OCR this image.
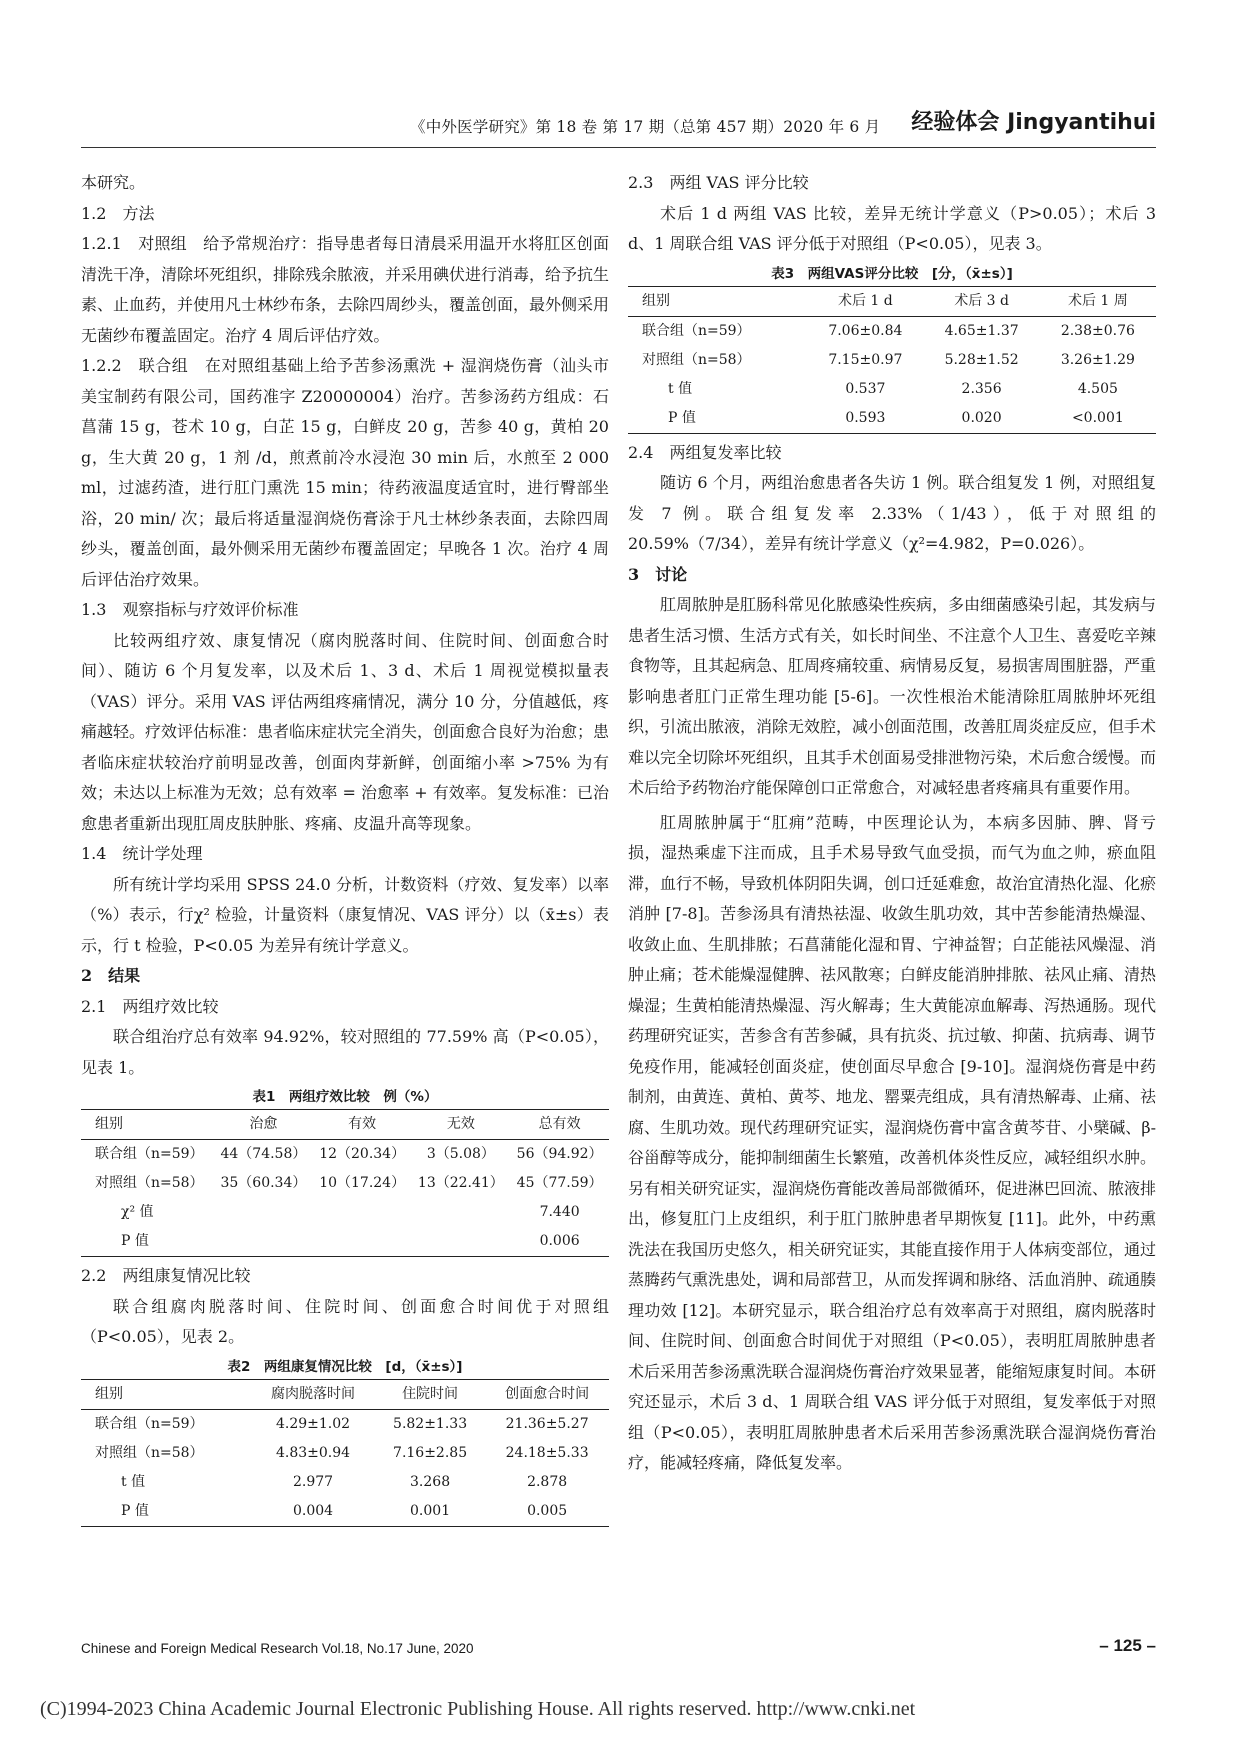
《中外医学研究》第 18 卷 第 17 期（总第 457 期）2020 年 6 月	经验体会 Jingyantihui

本研究。

1.2　方法

1.2.1　对照组　给予常规治疗：指导患者每日清晨采用温开水将肛区创面清洗干净，清除坏死组织，排除残余脓液，并采用碘伏进行消毒，给予抗生素、止血药，并使用凡士林纱布条，去除四周纱头，覆盖创面，最外侧采用无菌纱布覆盖固定。治疗 4 周后评估疗效。

1.2.2　联合组　在对照组基础上给予苦参汤熏洗 + 湿润烧伤膏（汕头市美宝制药有限公司，国药准字 Z20000004）治疗。苦参汤药方组成：石菖蒲 15 g，苍术 10 g，白芷 15 g，白鲜皮 20 g，苦参 40 g，黄柏 20 g，生大黄 20 g，1 剂 /d，煎煮前冷水浸泡 30 min 后，水煎至 2 000 ml，过滤药渣，进行肛门熏洗 15 min；待药液温度适宜时，进行臀部坐浴，20 min/ 次；最后将适量湿润烧伤膏涂于凡士林纱条表面，去除四周纱头，覆盖创面，最外侧采用无菌纱布覆盖固定；早晚各 1 次。治疗 4 周后评估治疗效果。

1.3　观察指标与疗效评价标准

比较两组疗效、康复情况（腐肉脱落时间、住院时间、创面愈合时间）、随访 6 个月复发率，以及术后 1、3 d、术后 1 周视觉模拟量表（VAS）评分。采用 VAS 评估两组疼痛情况，满分 10 分，分值越低，疼痛越轻。疗效评估标准：患者临床症状完全消失，创面愈合良好为治愈；患者临床症状较治疗前明显改善，创面肉芽新鲜，创面缩小率 >75% 为有效；未达以上标准为无效；总有效率 = 治愈率 + 有效率。复发标准：已治愈患者重新出现肛周皮肤肿胀、疼痛、皮温升高等现象。

1.4　统计学处理

所有统计学均采用 SPSS 24.0 分析，计数资料（疗效、复发率）以率（%）表示，行χ² 检验，计量资料（康复情况、VAS 评分）以（x̄±s）表示，行 t 检验，P<0.05 为差异有统计学意义。

2　结果

2.1　两组疗效比较

联合组治疗总有效率 94.92%，较对照组的 77.59% 高（P<0.05），见表 1。

表1　两组疗效比较　例（%）
组别	治愈	有效	无效	总有效
联合组（n=59）	44（74.58）	12（20.34）	3（5.08）	56（94.92）
对照组（n=58）	35（60.34）	10（17.24）	13（22.41）	45（77.59）
χ² 值				7.440
P 值				0.006

2.2　两组康复情况比较

联合组腐肉脱落时间、住院时间、创面愈合时间优于对照组（P<0.05），见表 2。

表2　两组康复情况比较　[d，（x̄±s）]
组别	腐肉脱落时间	住院时间	创面愈合时间
联合组（n=59）	4.29±1.02	5.82±1.33	21.36±5.27
对照组（n=58）	4.83±0.94	7.16±2.85	24.18±5.33
t 值	2.977	3.268	2.878
P 值	0.004	0.001	0.005

2.3　两组 VAS 评分比较

术后 1 d 两组 VAS 比较，差异无统计学意义（P>0.05）；术后 3 d、1 周联合组 VAS 评分低于对照组（P<0.05），见表 3。

表3　两组VAS评分比较　[分，（x̄±s）]
组别	术后 1 d	术后 3 d	术后 1 周
联合组（n=59）	7.06±0.84	4.65±1.37	2.38±0.76
对照组（n=58）	7.15±0.97	5.28±1.52	3.26±1.29
t 值	0.537	2.356	4.505
P 值	0.593	0.020	<0.001

2.4　两组复发率比较

随访 6 个月，两组治愈患者各失访 1 例。联合组复发 1 例，对照组复发 7 例。联合组复发率 2.33%（1/43），低于对照组的 20.59%（7/34），差异有统计学意义（χ²=4.982，P=0.026）。

3　讨论

肛周脓肿是肛肠科常见化脓感染性疾病，多由细菌感染引起，其发病与患者生活习惯、生活方式有关，如长时间坐、不注意个人卫生、喜爱吃辛辣食物等，且其起病急、肛周疼痛较重、病情易反复，易损害周围脏器，严重影响患者肛门正常生理功能 [5-6]。一次性根治术能清除肛周脓肿坏死组织，引流出脓液，消除无效腔，减小创面范围，改善肛周炎症反应，但手术难以完全切除坏死组织，且其手术创面易受排泄物污染，术后愈合缓慢。而术后给予药物治疗能保障创口正常愈合，对减轻患者疼痛具有重要作用。

肛周脓肿属于“肛痈”范畴，中医理论认为，本病多因肺、脾、肾亏损，湿热乘虚下注而成，且手术易导致气血受损，而气为血之帅，瘀血阻滞，血行不畅，导致机体阴阳失调，创口迁延难愈，故治宜清热化湿、化瘀消肿 [7-8]。苦参汤具有清热祛湿、收敛生肌功效，其中苦参能清热燥湿、收敛止血、生肌排脓；石菖蒲能化湿和胃、宁神益智；白芷能祛风燥湿、消肿止痛；苍术能燥湿健脾、祛风散寒；白鲜皮能消肿排脓、祛风止痛、清热燥湿；生黄柏能清热燥湿、泻火解毒；生大黄能凉血解毒、泻热通肠。现代药理研究证实，苦参含有苦参碱，具有抗炎、抗过敏、抑菌、抗病毒、调节免疫作用，能减轻创面炎症，使创面尽早愈合 [9-10]。湿润烧伤膏是中药制剂，由黄连、黄柏、黄芩、地龙、罂粟壳组成，具有清热解毒、止痛、祛腐、生肌功效。现代药理研究证实，湿润烧伤膏中富含黄芩苷、小檗碱、β- 谷甾醇等成分，能抑制细菌生长繁殖，改善机体炎性反应，减轻组织水肿。另有相关研究证实，湿润烧伤膏能改善局部微循环，促进淋巴回流、脓液排出，修复肛门上皮组织，利于肛门脓肿患者早期恢复 [11]。此外，中药熏洗法在我国历史悠久，相关研究证实，其能直接作用于人体病变部位，通过蒸腾药气熏洗患处，调和局部营卫，从而发挥调和脉络、活血消肿、疏通腠理功效 [12]。本研究显示，联合组治疗总有效率高于对照组，腐肉脱落时间、住院时间、创面愈合时间优于对照组（P<0.05），表明肛周脓肿患者术后采用苦参汤熏洗联合湿润烧伤膏治疗效果显著，能缩短康复时间。本研究还显示，术后 3 d、1 周联合组 VAS 评分低于对照组，复发率低于对照组（P<0.05），表明肛周脓肿患者术后采用苦参汤熏洗联合湿润烧伤膏治疗，能减轻疼痛，降低复发率。

Chinese and Foreign Medical Research Vol.18, No.17 June, 2020	– 125 –
(C)1994-2023 China Academic Journal Electronic Publishing House. All rights reserved. http://www.cnki.net
